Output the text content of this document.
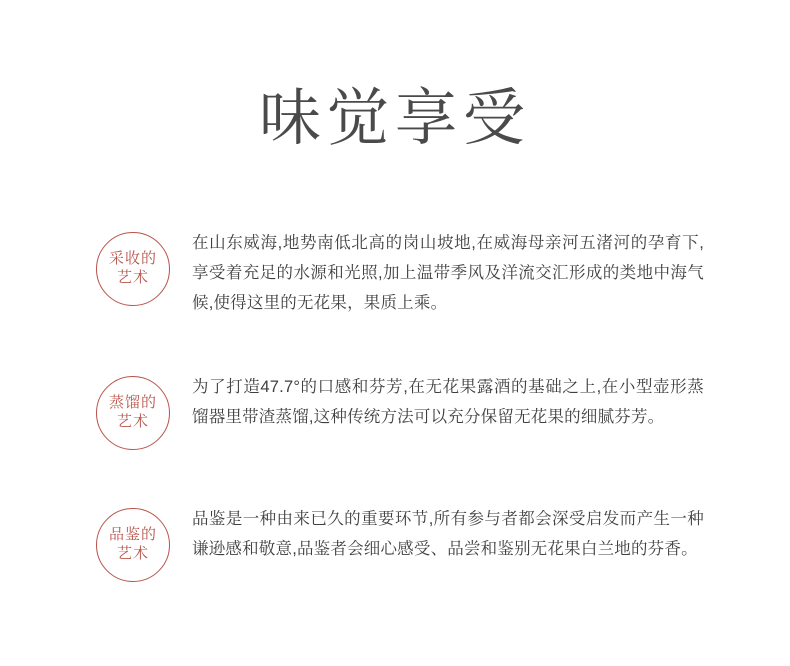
味觉享受
采收的
艺术
在山东威海,地势南低北高的岗山坡地,在威海母亲河五渚河的孕育下,享受着充足的水源和光照,加上温带季风及洋流交汇形成的类地中海气候,使得这里的无花果，果质上乘。
蒸馏的
艺术
为了打造47.7°的口感和芬芳,在无花果露酒的基础之上,在小型壶形蒸馏器里带渣蒸馏,这种传统方法可以充分保留无花果的细腻芬芳。
品鉴的
艺术
品鉴是一种由来已久的重要环节,所有参与者都会深受启发而产生一种谦逊感和敬意,品鉴者会细心感受、品尝和鉴别无花果白兰地的芬香。
